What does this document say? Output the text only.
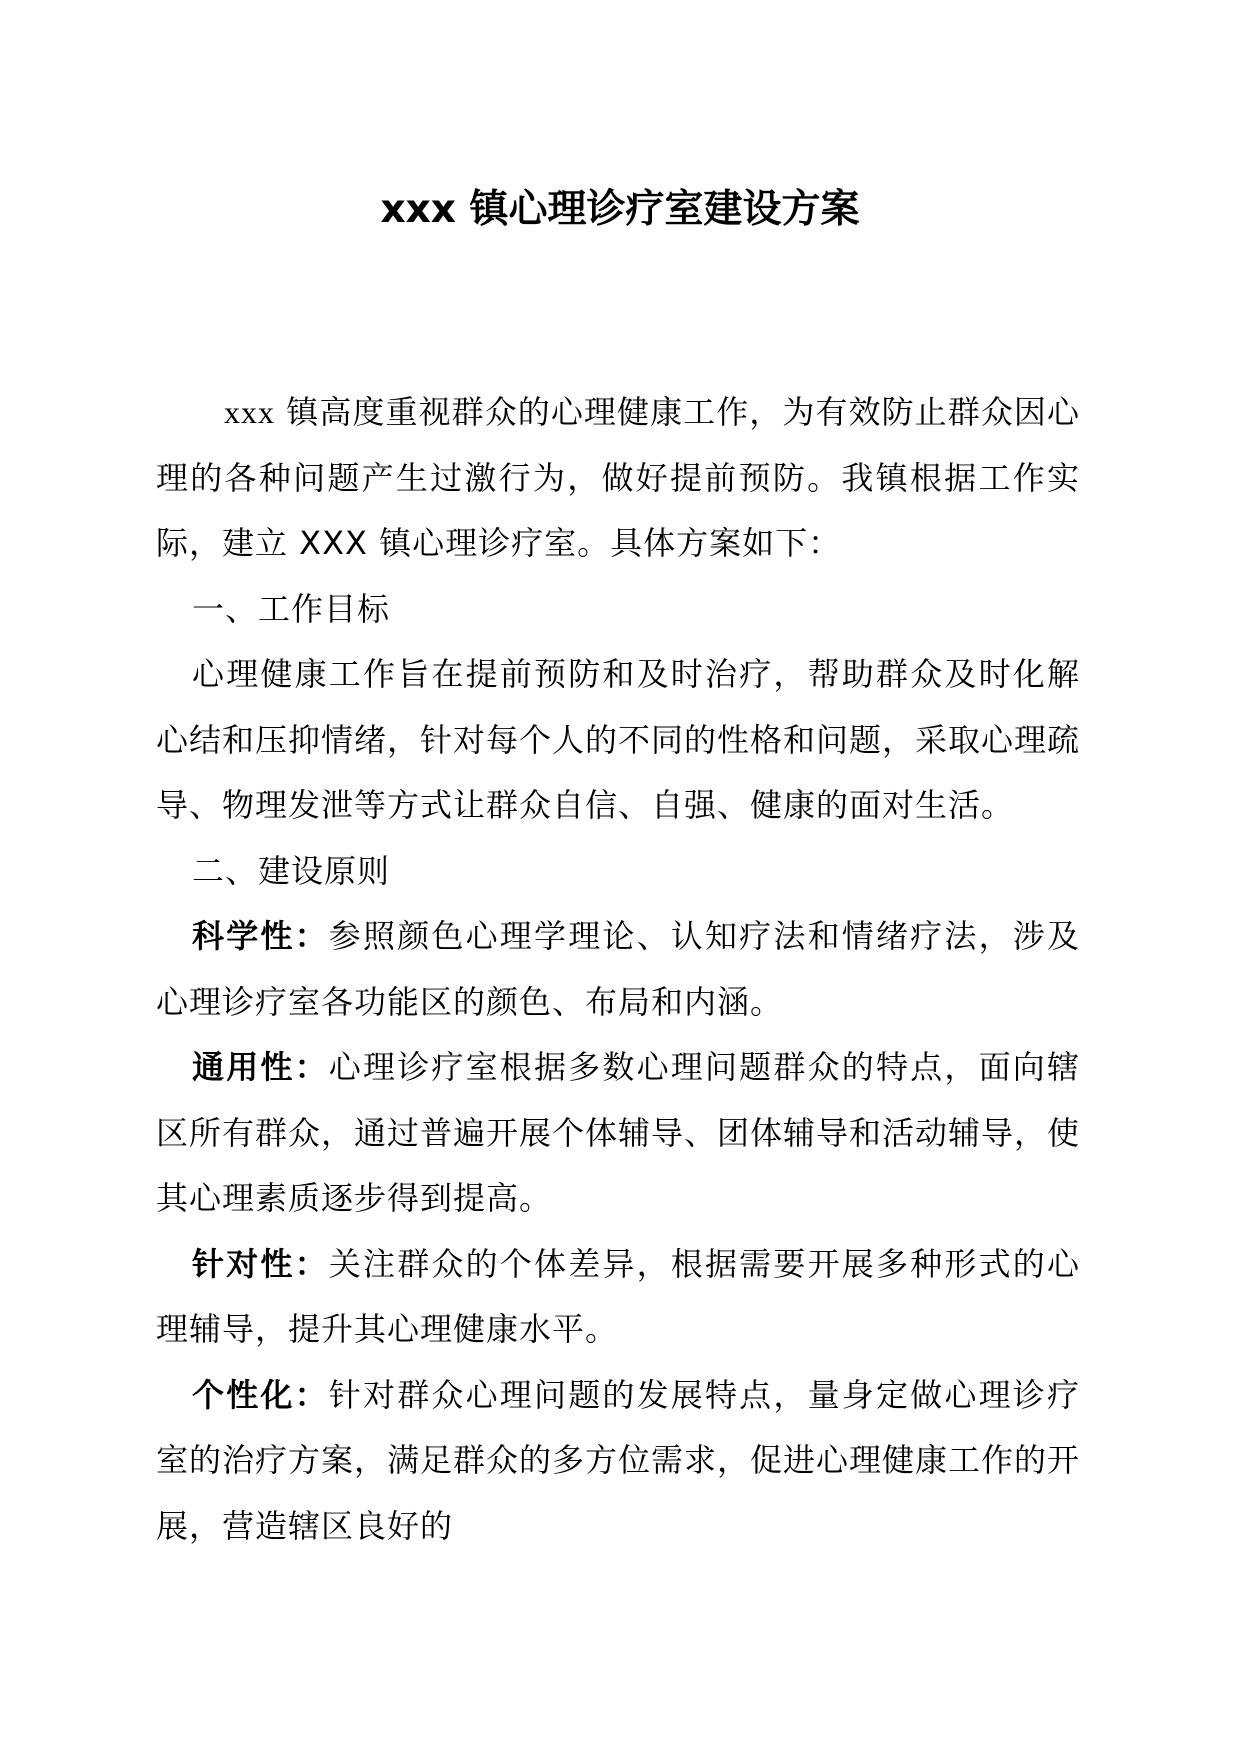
xxx 镇心理诊疗室建设方案

xxx 镇高度重视群众的心理健康工作，为有效防止群众因心理的各种问题产生过激行为，做好提前预防。我镇根据工作实际，建立 XXX 镇心理诊疗室。具体方案如下：

一、工作目标

心理健康工作旨在提前预防和及时治疗，帮助群众及时化解心结和压抑情绪，针对每个人的不同的性格和问题，采取心理疏导、物理发泄等方式让群众自信、自强、健康的面对生活。

二、建设原则

科学性：参照颜色心理学理论、认知疗法和情绪疗法，涉及心理诊疗室各功能区的颜色、布局和内涵。

通用性：心理诊疗室根据多数心理问题群众的特点，面向辖区所有群众，通过普遍开展个体辅导、团体辅导和活动辅导，使其心理素质逐步得到提高。

针对性：关注群众的个体差异，根据需要开展多种形式的心理辅导，提升其心理健康水平。

个性化：针对群众心理问题的发展特点，量身定做心理诊疗室的治疗方案，满足群众的多方位需求，促进心理健康工作的开展，营造辖区良好的
